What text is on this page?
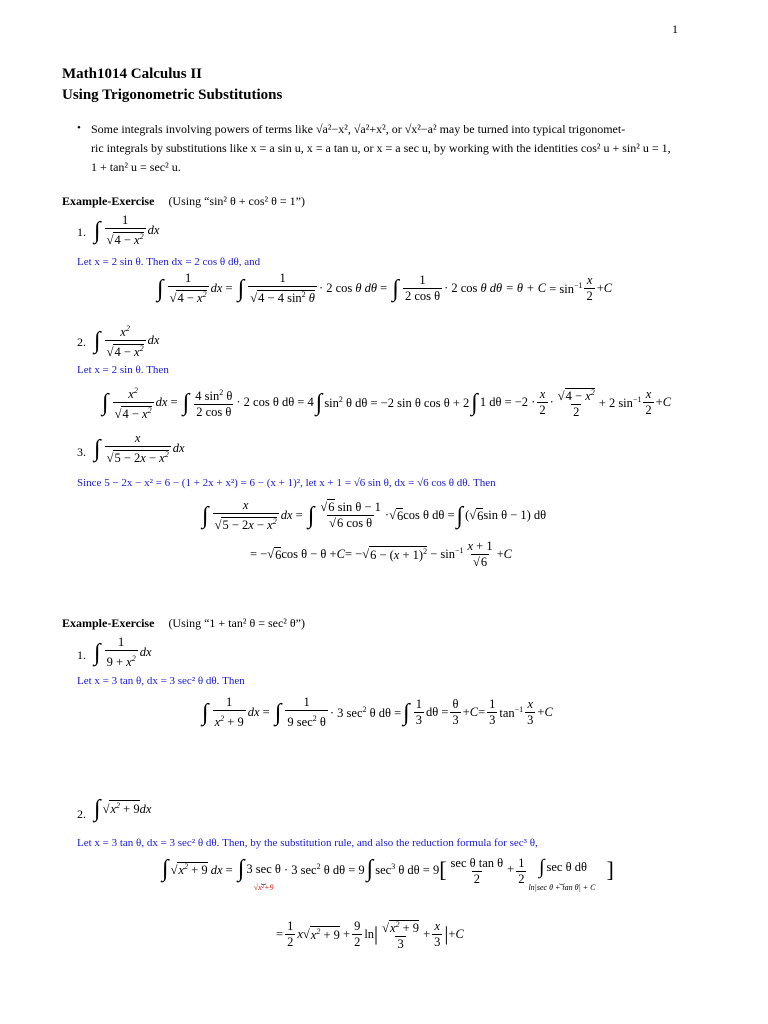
1
Math1014 Calculus II
Using Trigonometric Substitutions
• Some integrals involving powers of terms like √a²−x², √a²+x², or √x²−a² may be turned into typical trigonomet-
ric integrals by substitutions like x = a sin u, x = a tan u, or x = a sec u, by working with the identities cos² u + sin² u = 1,
1 + tan² u = sec² u.
Example-Exercise (Using “sin² θ + cos² θ = 1”)
1. ∫ $\frac{1}{√4 - x^2}$ dx
Let x = 2 sin θ. Then dx = 2 cos θ dθ, and
∫ $\frac{1}{√4 - x^2}$ dx = ∫ $\frac{1}{√4 - 4 \sin^2 \theta} \cdot 2$ cos θ dθ = ∫ $\frac{1}{\text{2 cos θ}} \cdot 2$ cos θ $d\theta = \theta + C = \sin^{-1} \frac{x}{2} + C$
2. ∫ $\frac{x^2}{√4 - x^2}$ dx
Let x = 2 sin θ. Then
∫ $\frac{x^2}{√4 - x^2}$ dx = ∫ $\frac{4 \sin^2 \theta}{\text{2 cos θ}} \cdot 2$ cos θ dθ = 4 ∫ $\sin^2 \theta$ dθ = −2 sin θ cos θ + 2 ∫ 1 $d\theta = -2 \cdot \frac{x}{2} \cdot \frac{√4 - x^2}{2} + 2$ $\sin^{-1} \frac{x}{2} + C$
3. ∫ $\frac{x}{√5 - 2x - x^2}$ dx
Since 5 − 2x − x² = 6 − (1 + 2x + x²) = 6 − (x + 1)², let x + 1 = √6 sin θ, dx = √6 cos θ dθ. Then
∫ $\frac{x}{√5 - 2x - x^2}$ dx = ∫ $\frac{\text{√6 sin θ − 1}}{\text{√6 cos θ}}$ · √ 6 cos θ dθ = ∫ ( √ 6 sin θ − 1) dθ
= − √ 6 cos θ − θ + C = − √ $6 - (x + 1)^2 - \sin^{-1} \frac{x + 1}{√6} + C$
Example-Exercise (Using “1 + tan² θ = sec² θ”)
1. ∫ $\frac{1}{9 + x^2}$ dx
Let x = 3 tan θ, dx = 3 sec² θ dθ. Then
∫ $\frac{1}{x^2 + 9}$ dx = ∫ $\frac{1}{9 \sec^2 \theta} \cdot 3$ $\sec^2 \theta$ dθ = ∫ $\frac{1}{3}$ $d\theta = \frac{\theta}{3} + C = \frac{1}{3} \tan^{-1} \frac{x}{3} + C$
2. ∫ √ $x^2 + 9$ dx
Let x = 3 tan θ, dx = 3 sec² θ dθ. Then, by the substitution rule, and also the reduction formula for sec³ θ,
∫ $√x^2 + 9$ dx = ∫ 3 sec θ
⏟
√x²+9
· 3 $\sec^2 \theta$ dθ = 9 ∫ $\sec^3 \theta$ dθ = 9 [ $\frac{\text{sec θ tan θ}}{2} + \frac{1}{2}$ ∫ sec θ dθ
⏟
ln|sec θ + tan θ| + C
]
= $\frac{1}{2}$ x √ $x^2 + 9 + \frac{9}{2}$ ln | $\frac{√x^2 + 9}{3} + \frac{x}{3}$ | + C
